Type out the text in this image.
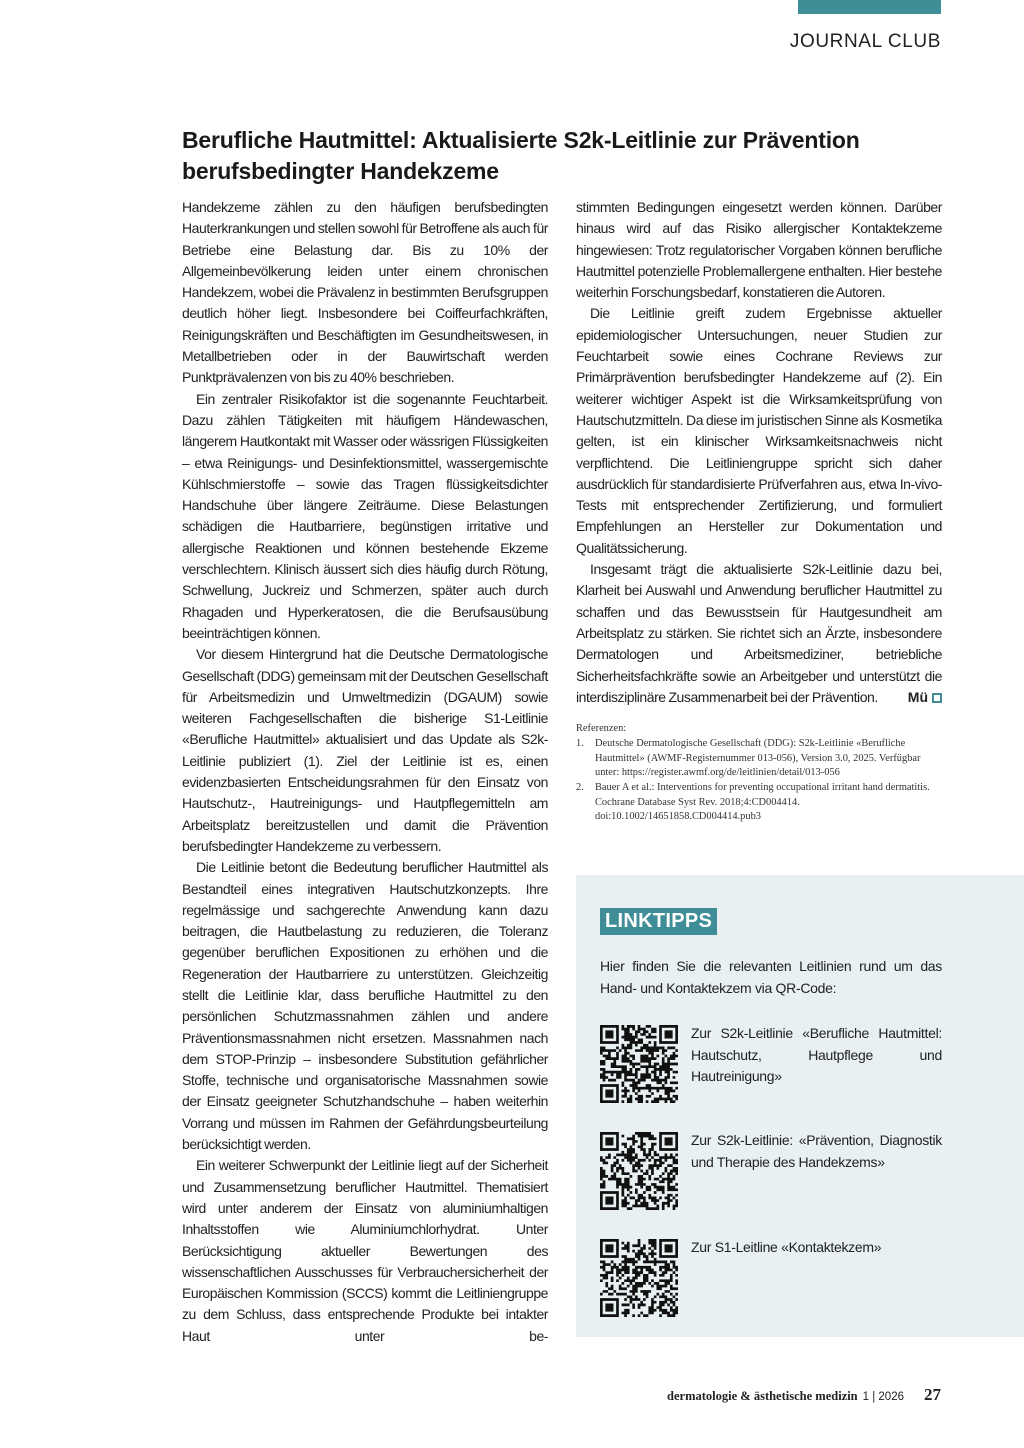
JOURNAL CLUB
Berufliche Hautmittel: Aktualisierte S2k-Leitlinie zur Prävention berufsbedingter Handekzeme

Handekzeme zählen zu den häufigen berufsbedingten Hauterkrankungen und stellen sowohl für Betroffene als auch für Betriebe eine Belastung dar. Bis zu 10% der Allgemeinbevölkerung leiden unter einem chronischen Handekzem, wobei die Prävalenz in bestimmten Berufsgruppen deutlich höher liegt. Insbesondere bei Coiffeurfachkräften, Reinigungskräften und Beschäftigten im Gesundheitswesen, in Metallbetrieben oder in der Bauwirtschaft werden Punktprävalenzen von bis zu 40% beschrieben.

Ein zentraler Risikofaktor ist die sogenannte Feuchtarbeit. Dazu zählen Tätigkeiten mit häufigem Händewaschen, längerem Hautkontakt mit Wasser oder wässrigen Flüssigkeiten – etwa Reinigungs- und Desinfektionsmittel, wassergemischte Kühlschmierstoffe – sowie das Tragen flüssigkeitsdichter Handschuhe über längere Zeiträume. Diese Belastungen schädigen die Hautbarriere, begünstigen irritative und allergische Reaktionen und können bestehende Ekzeme verschlechtern. Klinisch äussert sich dies häufig durch Rötung, Schwellung, Juckreiz und Schmerzen, später auch durch Rhagaden und Hyperkeratosen, die die Berufsausübung beeinträchtigen können.

Vor diesem Hintergrund hat die Deutsche Dermatologische Gesellschaft (DDG) gemeinsam mit der Deutschen Gesellschaft für Arbeitsmedizin und Umweltmedizin (DGAUM) sowie weiteren Fachgesellschaften die bisherige S1-Leitlinie «Berufliche Hautmittel» aktualisiert und das Update als S2k-Leitlinie publiziert (1). Ziel der Leitlinie ist es, einen evidenzbasierten Entscheidungsrahmen für den Einsatz von Hautschutz-, Hautreinigungs- und Hautpflegemitteln am Arbeitsplatz bereitzustellen und damit die Prävention berufsbedingter Handekzeme zu verbessern.

Die Leitlinie betont die Bedeutung beruflicher Hautmittel als Bestandteil eines integrativen Hautschutzkonzepts. Ihre regelmässige und sachgerechte Anwendung kann dazu beitragen, die Hautbelastung zu reduzieren, die Toleranz gegenüber beruflichen Expositionen zu erhöhen und die Regeneration der Hautbarriere zu unterstützen. Gleichzeitig stellt die Leitlinie klar, dass berufliche Hautmittel zu den persönlichen Schutzmassnahmen zählen und andere Präventionsmassnahmen nicht ersetzen. Massnahmen nach dem STOP-Prinzip – insbesondere Substitution gefährlicher Stoffe, technische und organisatorische Massnahmen sowie der Einsatz geeigneter Schutzhandschuhe – haben weiterhin Vorrang und müssen im Rahmen der Gefährdungsbeurteilung berücksichtigt werden.

Ein weiterer Schwerpunkt der Leitlinie liegt auf der Sicherheit und Zusammensetzung beruflicher Hautmittel. Thematisiert wird unter anderem der Einsatz von aluminiumhaltigen Inhaltsstoffen wie Aluminiumchlorhydrat. Unter Berücksichtigung aktueller Bewertungen des wissenschaftlichen Ausschusses für Verbrauchersicherheit der Europäischen Kommission (SCCS) kommt die Leitliniengruppe zu dem Schluss, dass entsprechende Produkte bei intakter Haut unter be-

stimmten Bedingungen eingesetzt werden können. Darüber hinaus wird auf das Risiko allergischer Kontaktekzeme hingewiesen: Trotz regulatorischer Vorgaben können berufliche Hautmittel potenzielle Problemallergene enthalten. Hier bestehe weiterhin Forschungsbedarf, konstatieren die Autoren.

Die Leitlinie greift zudem Ergebnisse aktueller epidemiologischer Untersuchungen, neuer Studien zur Feuchtarbeit sowie eines Cochrane Reviews zur Primärprävention berufsbedingter Handekzeme auf (2). Ein weiterer wichtiger Aspekt ist die Wirksamkeitsprüfung von Hautschutzmitteln. Da diese im juristischen Sinne als Kosmetika gelten, ist ein klinischer Wirksamkeitsnachweis nicht verpflichtend. Die Leitliniengruppe spricht sich daher ausdrücklich für standardisierte Prüfverfahren aus, etwa In-vivo-Tests mit entsprechender Zertifizierung, und formuliert Empfehlungen an Hersteller zur Dokumentation und Qualitätssicherung.

Insgesamt trägt die aktualisierte S2k-Leitlinie dazu bei, Klarheit bei Auswahl und Anwendung beruflicher Hautmittel zu schaffen und das Bewusstsein für Hautgesundheit am Arbeitsplatz zu stärken. Sie richtet sich an Ärzte, insbesondere Dermatologen und Arbeitsmediziner, betriebliche Sicherheitsfachkräfte sowie an Arbeitgeber und unterstützt die interdisziplinäre Zusammenarbeit bei der Prävention. Mü

Referenzen:
1. Deutsche Dermatologische Gesellschaft (DDG): S2k-Leitlinie «Berufliche Hautmittel» (AWMF-Registernummer 013-056), Version 3.0, 2025. Verfügbar unter: https://register.awmf.org/de/leitlinien/detail/013-056
2. Bauer A et al.: Interventions for preventing occupational irritant hand dermatitis. Cochrane Database Syst Rev. 2018;4:CD004414. doi:10.1002/14651858.CD004414.pub3
LINKTIPPS
Hier finden Sie die relevanten Leitlinien rund um das Hand- und Kontaktekzem via QR-Code:
Zur S2k-Leitlinie «Berufliche Hautmittel: Hautschutz, Hautpflege und Hautreinigung»
Zur S2k-Leitlinie: «Prävention, Diagnostik und Therapie des Handekzems»
Zur S1-Leitline «Kontaktekzem»
dermatologie & ästhetische medizin 1 | 2026 27
